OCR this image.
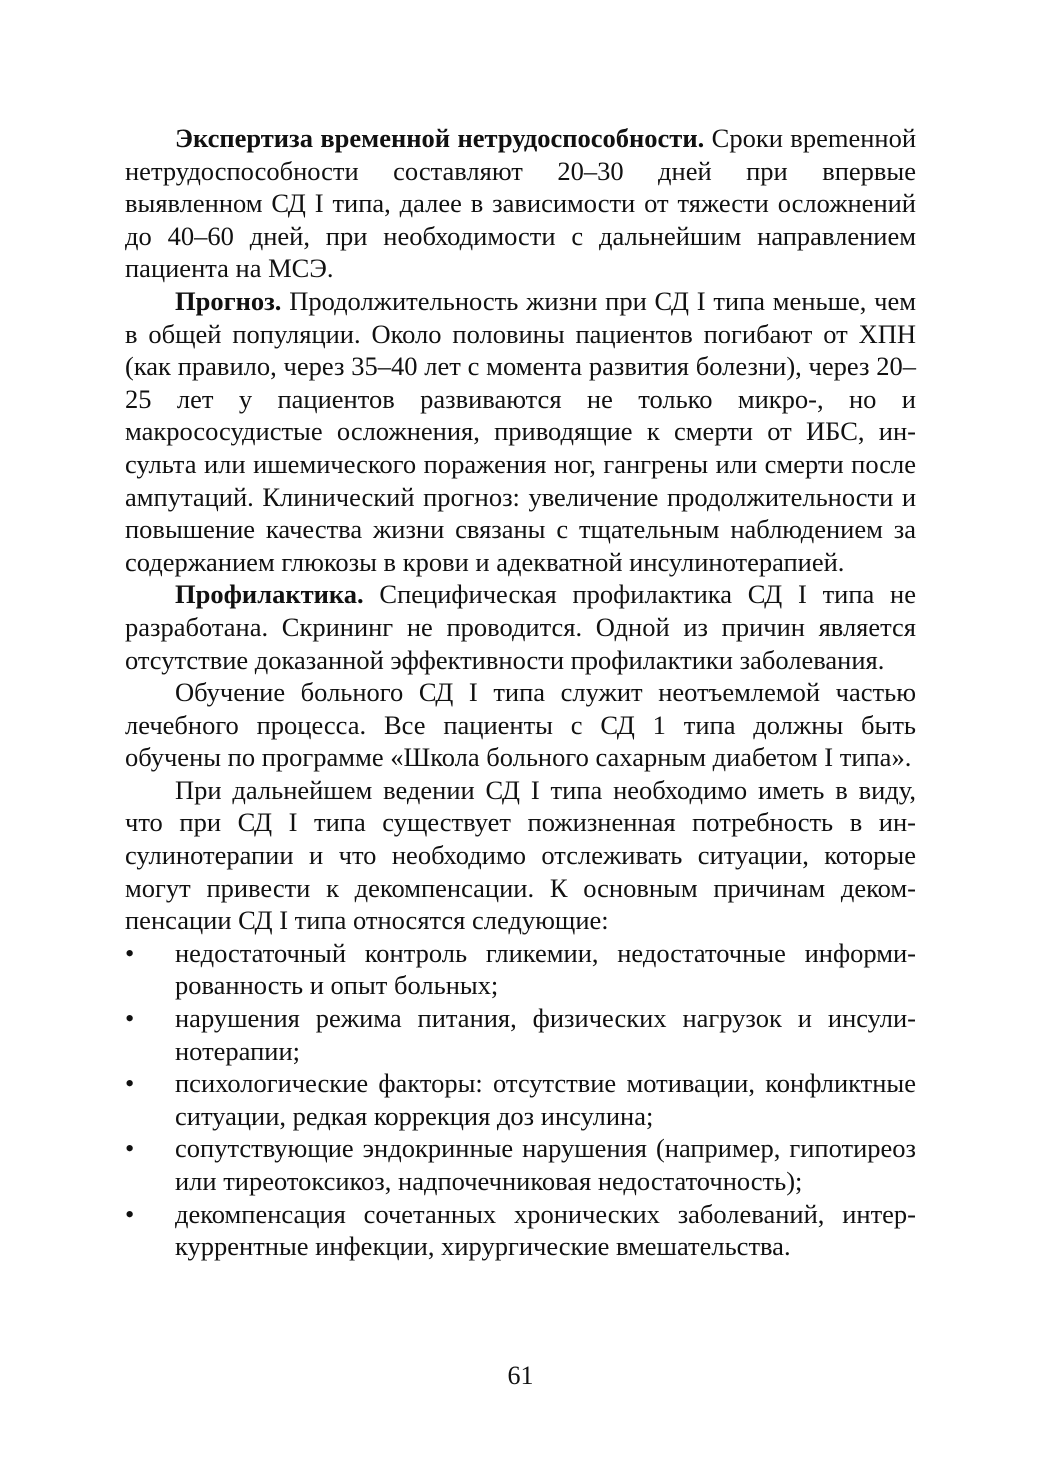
Экспертиза временной нетрудоспособности. Сроки вреmенной нетрудоспособности составляют 20–30 дней при впервые выявленном СД I типа, далее в зависимости от тяжести осложнений до 40–60 дней, при необходимости с дальнейшим направлением пациента на МСЭ.

Прогноз. Продолжительность жизни при СД I типа меньше, чем в общей популяции. Около половины пациентов погибают от ХПН (как правило, через 35–40 лет с момента развития болезни), через 20–25 лет у пациентов развиваются не только микро-, но и макрососудистые осложнения, приводящие к смерти от ИБС, инсульта или ишемического поражения ног, гангрены или смерти после ампутаций. Клинический прогноз: увеличение продолжительности и повышение качества жизни связаны с тщательным наблюдением за содержанием глюкозы в крови и адекватной инсулинотерапией.

Профилактика. Специфическая профилактика СД I типа не разработана. Скрининг не проводится. Одной из причин является отсутствие доказанной эффективности профилактики заболевания.

Обучение больного СД I типа служит неотъемлемой частью лечебного процесса. Все пациенты с СД 1 типа должны быть обучены по программе «Школа больного сахарным диабетом I типа».

При дальнейшем ведении СД I типа необходимо иметь в виду, что при СД I типа существует пожизненная потребность в инсулинотерапии и что необходимо отслеживать ситуации, которые могут привести к декомпенсации. К основным причинам декомпенсации СД I типа относятся следующие:

• недостаточный контроль гликемии, недостаточные информированность и опыт больных;
• нарушения режима питания, физических нагрузок и инсулинотерапии;
• психологические факторы: отсутствие мотивации, конфликтные ситуации, редкая коррекция доз инсулина;
• сопутствующие эндокринные нарушения (например, гипотиреоз или тиреотоксикоз, надпочечниковая недостаточность);
• декомпенсация сочетанных хронических заболеваний, интеркуррентные инфекции, хирургические вмешательства.
61
